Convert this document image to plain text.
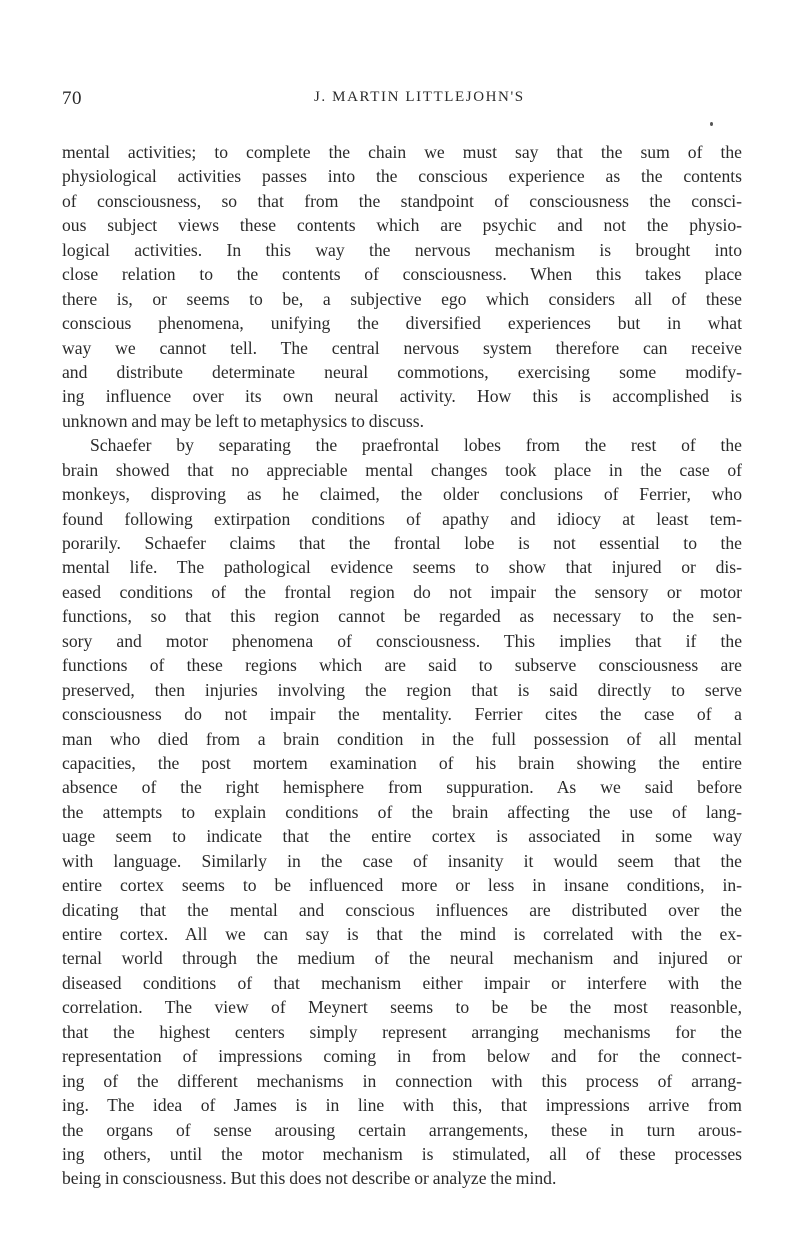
70	J. MARTIN LITTLEJOHN'S
mental activities; to complete the chain we must say that the sum of the
physiological activities passes into the conscious experience as the contents
of consciousness, so that from the standpoint of consciousness the consci-
ous subject views these contents which are psychic and not the physio-
logical activities. In this way the nervous mechanism is brought into
close relation to the contents of consciousness. When this takes place
there is, or seems to be, a subjective ego which considers all of these
conscious phenomena, unifying the diversified experiences but in what
way we cannot tell. The central nervous system therefore can receive
and distribute determinate neural commotions, exercising some modify-
ing influence over its own neural activity. How this is accomplished is
unknown and may be left to metaphysics to discuss.
Schaefer by separating the praefrontal lobes from the rest of the
brain showed that no appreciable mental changes took place in the case of
monkeys, disproving as he claimed, the older conclusions of Ferrier, who
found following extirpation conditions of apathy and idiocy at least tem-
porarily. Schaefer claims that the frontal lobe is not essential to the
mental life. The pathological evidence seems to show that injured or dis-
eased conditions of the frontal region do not impair the sensory or motor
functions, so that this region cannot be regarded as necessary to the sen-
sory and motor phenomena of consciousness. This implies that if the
functions of these regions which are said to subserve consciousness are
preserved, then injuries involving the region that is said directly to serve
consciousness do not impair the mentality. Ferrier cites the case of a
man who died from a brain condition in the full possession of all mental
capacities, the post mortem examination of his brain showing the entire
absence of the right hemisphere from suppuration. As we said before
the attempts to explain conditions of the brain affecting the use of lang-
uage seem to indicate that the entire cortex is associated in some way
with language. Similarly in the case of insanity it would seem that the
entire cortex seems to be influenced more or less in insane conditions, in-
dicating that the mental and conscious influences are distributed over the
entire cortex. All we can say is that the mind is correlated with the ex-
ternal world through the medium of the neural mechanism and injured or
diseased conditions of that mechanism either impair or interfere with the
correlation. The view of Meynert seems to be be the most reasonble,
that the highest centers simply represent arranging mechanisms for the
representation of impressions coming in from below and for the connect-
ing of the different mechanisms in connection with this process of arrang-
ing. The idea of James is in line with this, that impressions arrive from
the organs of sense arousing certain arrangements, these in turn arous-
ing others, until the motor mechanism is stimulated, all of these processes
being in consciousness. But this does not describe or analyze the mind.
